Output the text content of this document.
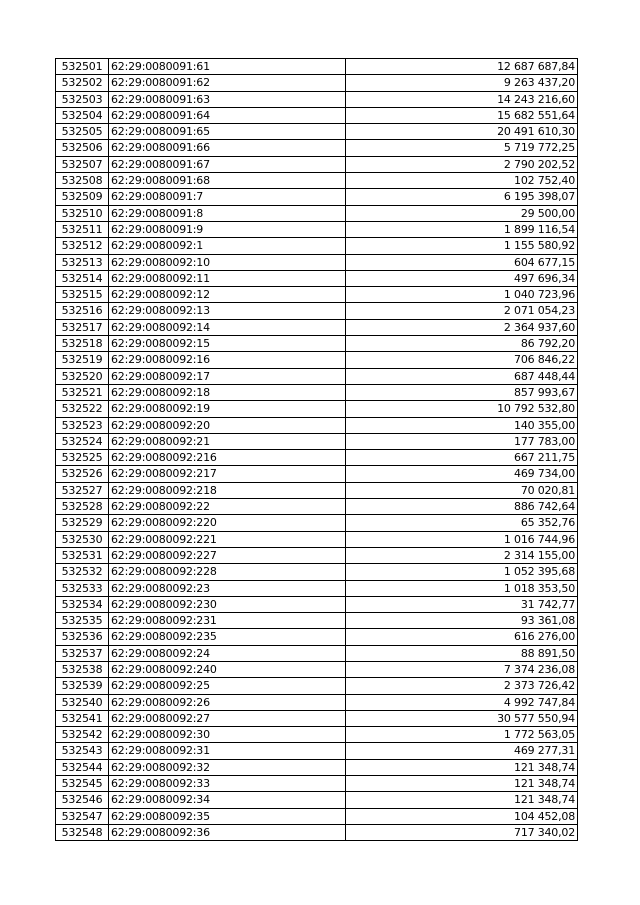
532501	62:29:0080091:61	12 687 687,84
532502	62:29:0080091:62	9 263 437,20
532503	62:29:0080091:63	14 243 216,60
532504	62:29:0080091:64	15 682 551,64
532505	62:29:0080091:65	20 491 610,30
532506	62:29:0080091:66	5 719 772,25
532507	62:29:0080091:67	2 790 202,52
532508	62:29:0080091:68	102 752,40
532509	62:29:0080091:7	6 195 398,07
532510	62:29:0080091:8	29 500,00
532511	62:29:0080091:9	1 899 116,54
532512	62:29:0080092:1	1 155 580,92
532513	62:29:0080092:10	604 677,15
532514	62:29:0080092:11	497 696,34
532515	62:29:0080092:12	1 040 723,96
532516	62:29:0080092:13	2 071 054,23
532517	62:29:0080092:14	2 364 937,60
532518	62:29:0080092:15	86 792,20
532519	62:29:0080092:16	706 846,22
532520	62:29:0080092:17	687 448,44
532521	62:29:0080092:18	857 993,67
532522	62:29:0080092:19	10 792 532,80
532523	62:29:0080092:20	140 355,00
532524	62:29:0080092:21	177 783,00
532525	62:29:0080092:216	667 211,75
532526	62:29:0080092:217	469 734,00
532527	62:29:0080092:218	70 020,81
532528	62:29:0080092:22	886 742,64
532529	62:29:0080092:220	65 352,76
532530	62:29:0080092:221	1 016 744,96
532531	62:29:0080092:227	2 314 155,00
532532	62:29:0080092:228	1 052 395,68
532533	62:29:0080092:23	1 018 353,50
532534	62:29:0080092:230	31 742,77
532535	62:29:0080092:231	93 361,08
532536	62:29:0080092:235	616 276,00
532537	62:29:0080092:24	88 891,50
532538	62:29:0080092:240	7 374 236,08
532539	62:29:0080092:25	2 373 726,42
532540	62:29:0080092:26	4 992 747,84
532541	62:29:0080092:27	30 577 550,94
532542	62:29:0080092:30	1 772 563,05
532543	62:29:0080092:31	469 277,31
532544	62:29:0080092:32	121 348,74
532545	62:29:0080092:33	121 348,74
532546	62:29:0080092:34	121 348,74
532547	62:29:0080092:35	104 452,08
532548	62:29:0080092:36	717 340,02
